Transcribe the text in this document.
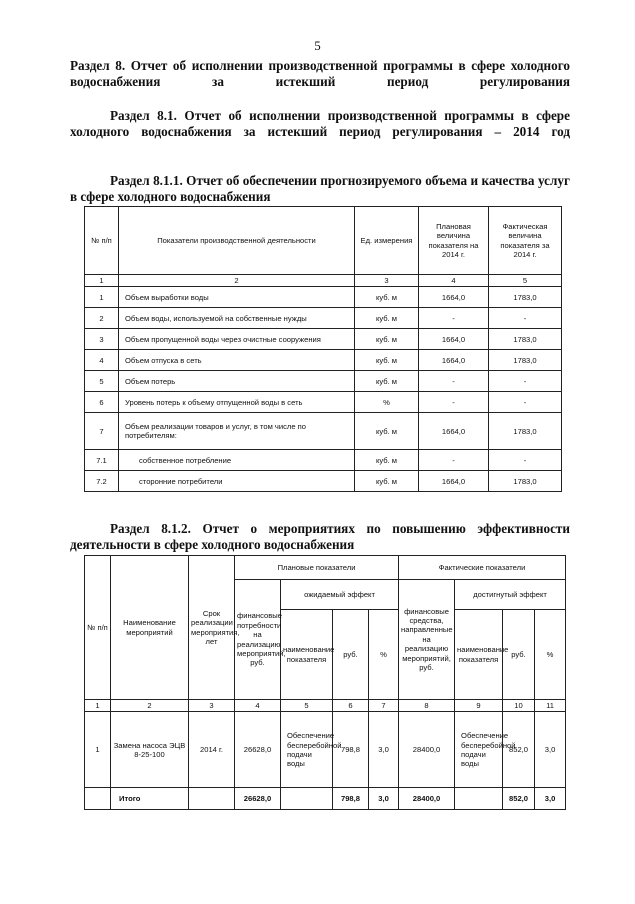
5
Раздел 8. Отчет об исполнении производственной программы в сфере холодного водоснабжения за истекший период регулирования
Раздел 8.1. Отчет об исполнении производственной программы в сфере холодного водоснабжения за истекший период регулирования – 2014 год
Раздел 8.1.1. Отчет об обеспечении прогнозируемого объема и качества услуг в сфере холодного водоснабжения
№ п/п	Показатели производственной деятельности	Ед. измерения	Плановая величина показателя на 2014 г.	Фактическая величина показателя за 2014 г.
1	2	3	4	5
1	Объем выработки воды	куб. м	1664,0	1783,0
2	Объем воды, используемой на собственные нужды	куб. м	-	-
3	Объем пропущенной воды через очистные сооружения	куб. м	1664,0	1783,0
4	Объем отпуска в сеть	куб. м	1664,0	1783,0
5	Объем потерь	куб. м	-	-
6	Уровень потерь к объему отпущенной воды в сеть	%	-	-
7	Объем реализации товаров и услуг, в том числе по потребителям:	куб. м	1664,0	1783,0
7.1	собственное потребление	куб. м	-	-
7.2	сторонние потребители	куб. м	1664,0	1783,0
Раздел 8.1.2. Отчет о мероприятиях по повышению эффективности деятельности в сфере холодного водоснабжения
№ п/п	Наименование мероприятий	Срок реализации мероприятия, лет	Плановые показатели				Фактические показатели			
			финансовые потребности на реализацию мероприятий, руб.	ожидаемый эффект			финансовые средства, направленные на реализацию мероприятий, руб.	достигнутый эффект		
				наименование показателя	руб.	%		наименование показателя	руб.	%
1	2	3	4	5	6	7	8	9	10	11
1	Замена насоса ЭЦВ 8-25-100	2014 г.	26628,0	Обеспечение бесперебойной подачи воды	798,8	3,0	28400,0	Обеспечение бесперебойной подачи воды	852,0	3,0
	Итого		26628,0		798,8	3,0	28400,0		852,0	3,0
